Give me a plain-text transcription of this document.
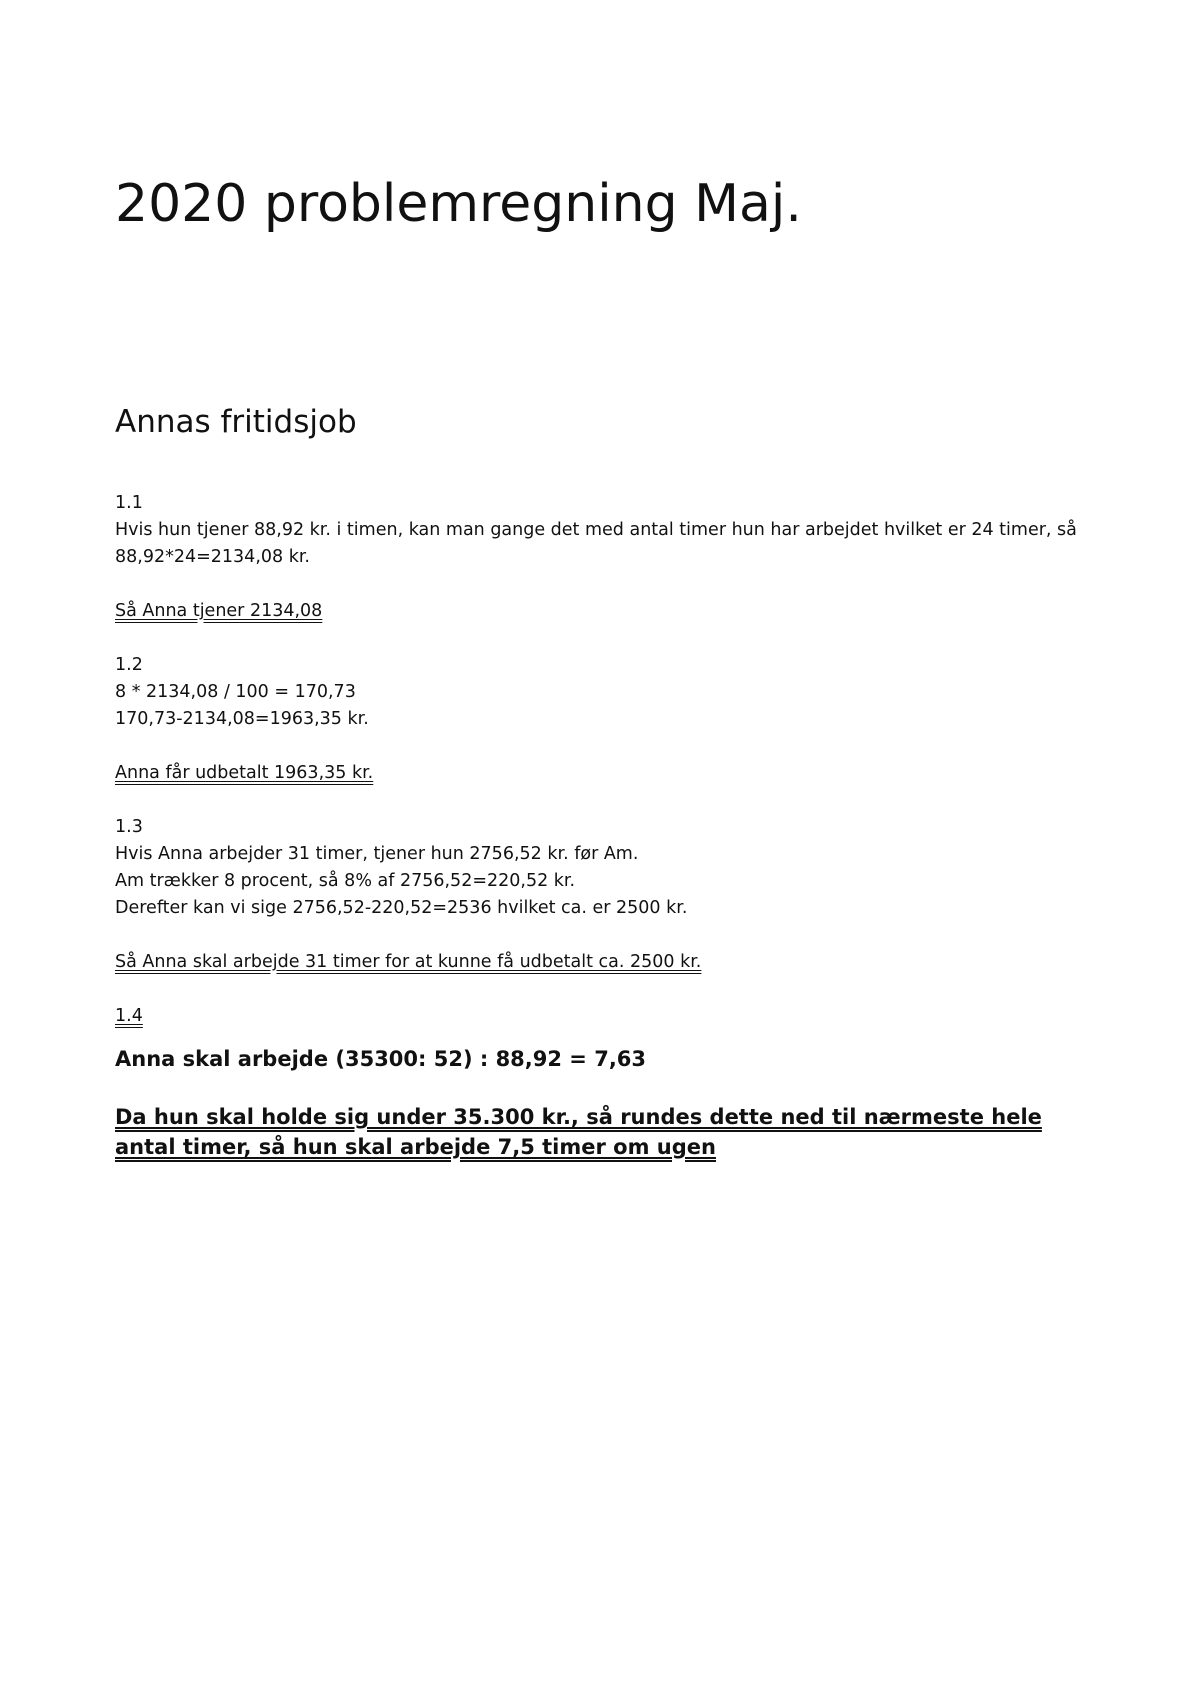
2020 problemregning Maj.
Annas fritidsjob
1.1
Hvis hun tjener 88,92 kr. i timen, kan man gange det med antal timer hun har arbejdet hvilket er 24 timer, så
88,92*24=2134,08 kr.
Så Anna tjener 2134,08
1.2
8 * 2134,08 / 100 = 170,73
170,73-2134,08=1963,35 kr.
Anna får udbetalt 1963,35 kr.
1.3
Hvis Anna arbejder 31 timer, tjener hun 2756,52 kr. før Am.
Am trækker 8 procent, så 8% af 2756,52=220,52 kr.
Derefter kan vi sige 2756,52-220,52=2536 hvilket ca. er 2500 kr.
Så Anna skal arbejde 31 timer for at kunne få udbetalt ca. 2500 kr.
1.4
Anna skal arbejde (35300: 52) : 88,92 = 7,63
Da hun skal holde sig under 35.300 kr., så rundes dette ned til nærmeste hele antal timer, så hun skal arbejde 7,5 timer om ugen
